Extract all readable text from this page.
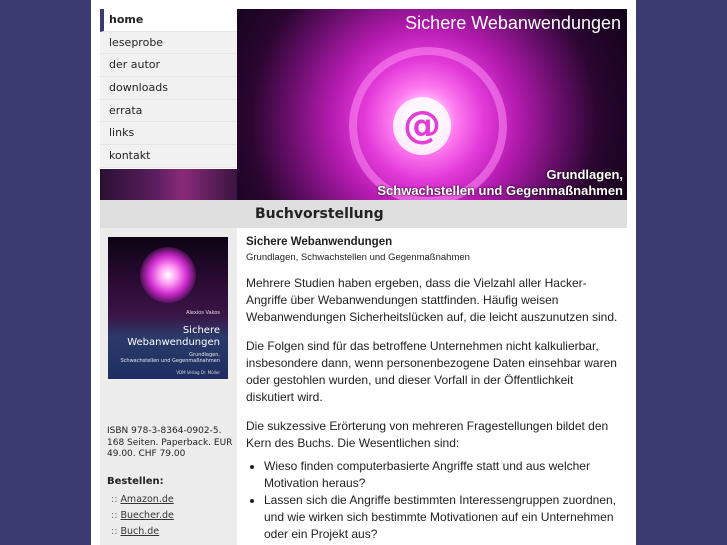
home
leseprobe
der autor
downloads
errata
links
kontakt
@
Sichere Webanwendungen
Grundlagen,
Schwachstellen und Gegenmaßnahmen
Buchvorstellung
Alexios Vakos
Sichere
Webanwendungen
Grundlagen,
Schwachstellen und Gegenmaßnahmen
VDM Verlag Dr. Müller
ISBN 978-3-8364-0902-5. 168 Seiten. Paperback. EUR 49.00. CHF 79.00
Bestellen:
:: Amazon.de
:: Buecher.de
:: Buch.de
Sichere Webanwendungen
Grundlagen, Schwachstellen und Gegenmaßnahmen

Mehrere Studien haben ergeben, dass die Vielzahl aller Hacker-Angriffe über Webanwendungen stattfinden. Häufig weisen Webanwendungen Sicherheitslücken auf, die leicht auszunutzen sind.

Die Folgen sind für das betroffene Unternehmen nicht kalkulierbar, insbesondere dann, wenn personenbezogene Daten einsehbar waren oder gestohlen wurden, und dieser Vorfall in der Öffentlichkeit diskutiert wird.

Die sukzessive Erörterung von mehreren Fragestellungen bildet den Kern des Buchs. Die Wesentlichen sind:

• Wieso finden computerbasierte Angriffe statt und aus welcher Motivation heraus?
• Lassen sich die Angriffe bestimmten Interessengruppen zuordnen, und wie wirken sich bestimmte Motivationen auf ein Unternehmen oder ein Projekt aus?
